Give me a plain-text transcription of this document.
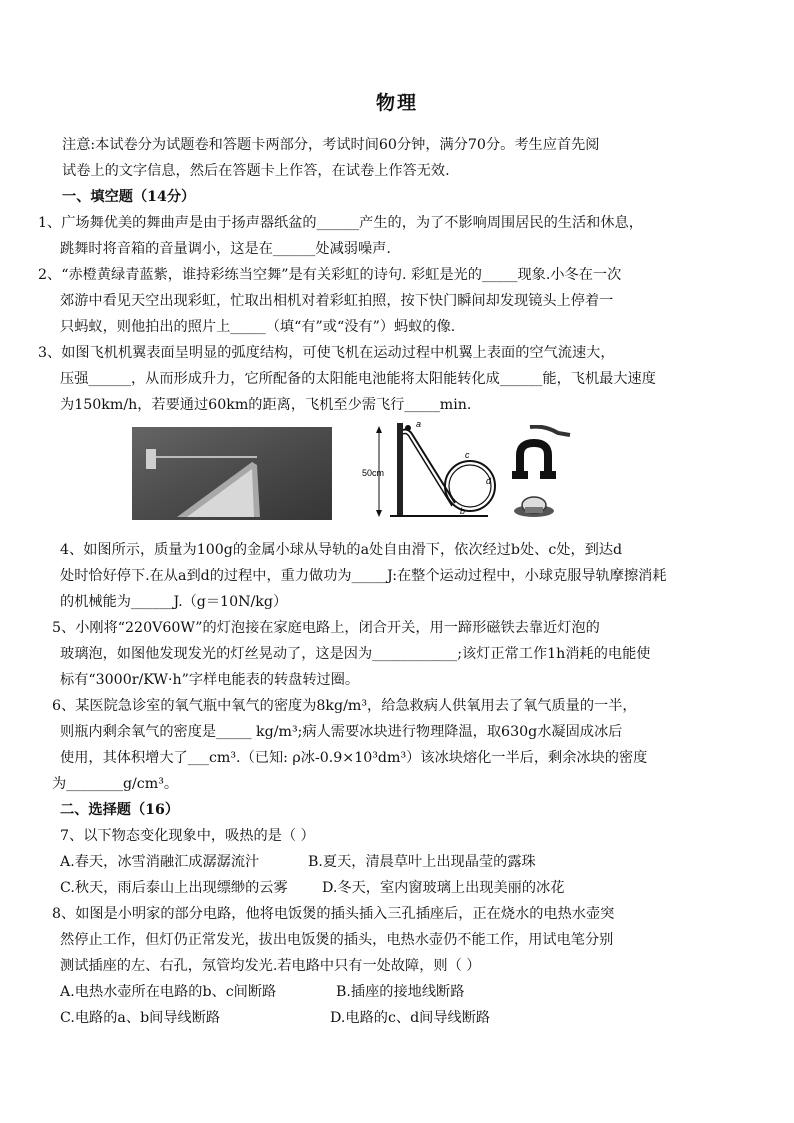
物理
注意:本试卷分为试题卷和答题卡两部分，考试时间60分钟，满分70分。考生应首先阅
试卷上的文字信息，然后在答题卡上作答，在试卷上作答无效.
一、填空题（14分）
1、广场舞优美的舞曲声是由于扬声器纸盆的______产生的，为了不影响周围居民的生活和休息，
跳舞时将音箱的音量调小，这是在______处减弱噪声.
2、“赤橙黄绿青蓝紫，谁持彩练当空舞”是有关彩虹的诗句. 彩虹是光的_____现象.小冬在一次
郊游中看见天空出现彩虹，忙取出相机对着彩虹拍照，按下快门瞬间却发现镜头上停着一
只蚂蚁，则他拍出的照片上_____（填“有”或“没有”）蚂蚁的像.
3、如图飞机机翼表面呈明显的弧度结构，可使飞机在运动过程中机翼上表面的空气流速大，
压强______，从而形成升力，它所配备的太阳能电池能将太阳能转化成______能，飞机最大速度
为150km/h，若要通过60km的距离，飞机至少需飞行_____min.
50cm
a
b
c
d
4、如图所示，质量为100g的金属小球从导轨的a处自由滑下，依次经过b处、c处，到达d
处时恰好停下.在从a到d的过程中，重力做功为_____J:在整个运动过程中，小球克服导轨摩擦消耗
的机械能为______J.（g＝10N/kg）
5、小刚将“220V60W”的灯泡接在家庭电路上，闭合开关，用一蹄形磁铁去靠近灯泡的
玻璃泡，如图他发现发光的灯丝晃动了，这是因为____________;该灯正常工作1h消耗的电能使
标有“3000r/KW·h”字样电能表的转盘转过圈。
6、某医院急诊室的氧气瓶中氧气的密度为8kg/m³，给急救病人供氧用去了氧气质量的一半，
则瓶内剩余氧气的密度是_____ kg/m³;病人需要冰块进行物理降温，取630g水凝固成冰后
使用，其体积增大了___cm³.（已知: ρ冰-0.9×10³dm³）该冰块熔化一半后，剩余冰块的密度
为________g/cm³。
二、选择题（16）
7、以下物态变化现象中，吸热的是（ ）
A.春天，冰雪消融汇成潺潺流汁	B.夏天，清晨草叶上出现晶莹的露珠
C.秋天，雨后泰山上出现缥缈的云雾 D.冬天，室内窗玻璃上出现美丽的冰花
8、如图是小明家的部分电路，他将电饭煲的插头插入三孔插座后，正在烧水的电热水壶突
然停止工作，但灯仍正常发光，拔出电饭煲的插头，电热水壶仍不能工作，用试电笔分别
测试插座的左、右孔，氖管均发光.若电路中只有一处故障，则（ ）
A.电热水壶所在电路的b、c间断路	B.插座的接地线断路
C.电路的a、b间导线断路	D.电路的c、d间导线断路
